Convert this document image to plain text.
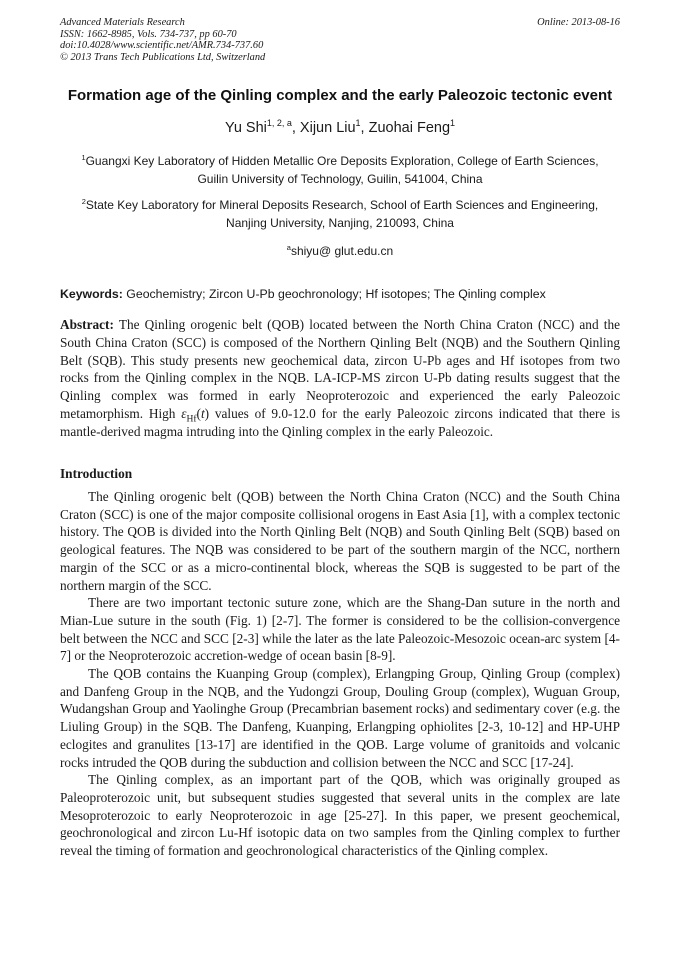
Advanced Materials Research
ISSN: 1662-8985, Vols. 734-737, pp 60-70
doi:10.4028/www.scientific.net/AMR.734-737.60
© 2013 Trans Tech Publications Ltd, Switzerland
Online: 2013-08-16
Formation age of the Qinling complex and the early Paleozoic tectonic event
Yu Shi$^{1, 2, a}$, Xijun Liu$^1$, Zuohai Feng$^1$
$^1$Guangxi Key Laboratory of Hidden Metallic Ore Deposits Exploration, College of Earth Sciences,
Guilin University of Technology, Guilin, 541004, China
$^2$State Key Laboratory for Mineral Deposits Research, School of Earth Sciences and Engineering,
Nanjing University, Nanjing, 210093, China
$^a$shiyu@ glut.edu.cn
Keywords: Geochemistry; Zircon U-Pb geochronology; Hf isotopes; The Qinling complex
Abstract: The Qinling orogenic belt (QOB) located between the North China Craton (NCC) and the South China Craton (SCC) is composed of the Northern Qinling Belt (NQB) and the Southern Qinling Belt (SQB). This study presents new geochemical data, zircon U-Pb ages and Hf isotopes from two rocks from the Qinling complex in the NQB. LA-ICP-MS zircon U-Pb dating results suggest that the Qinling complex was formed in early Neoproterozoic and experienced the early Paleozoic metamorphism. High $\varepsilon_{Hf}(t)$ values of 9.0-12.0 for the early Paleozoic zircons indicated that there is mantle-derived magma intruding into the Qinling complex in the early Paleozoic.
Introduction

The Qinling orogenic belt (QOB) between the North China Craton (NCC) and the South China Craton (SCC) is one of the major composite collisional orogens in East Asia [1], with a complex tectonic history. The QOB is divided into the North Qinling Belt (NQB) and South Qinling Belt (SQB) based on geological features. The NQB was considered to be part of the southern margin of the NCC, northern margin of the SCC or as a micro-continental block, whereas the SQB is suggested to be part of the northern margin of the SCC.

There are two important tectonic suture zone, which are the Shang-Dan suture in the north and Mian-Lue suture in the south (Fig. 1) [2-7]. The former is considered to be the collision-convergence belt between the NCC and SCC [2-3] while the later as the late Paleozoic-Mesozoic ocean-arc system [4-7] or the Neoproterozoic accretion-wedge of ocean basin [8-9].

The QOB contains the Kuanping Group (complex), Erlangping Group, Qinling Group (complex) and Danfeng Group in the NQB, and the Yudongzi Group, Douling Group (complex), Wuguan Group, Wudangshan Group and Yaolinghe Group (Precambrian basement rocks) and sedimentary cover (e.g. the Liuling Group) in the SQB. The Danfeng, Kuanping, Erlangping ophiolites [2-3, 10-12] and HP-UHP eclogites and granulites [13-17] are identified in the QOB. Large volume of granitoids and volcanic rocks intruded the QOB during the subduction and collision between the NCC and SCC [17-24].

The Qinling complex, as an important part of the QOB, which was originally grouped as Paleoproterozoic unit, but subsequent studies suggested that several units in the complex are late Mesoproterozoic to early Neoproterozoic in age [25-27]. In this paper, we present geochemical, geochronological and zircon Lu-Hf isotopic data on two samples from the Qinling complex to further reveal the timing of formation and geochronological characteristics of the Qinling complex.
